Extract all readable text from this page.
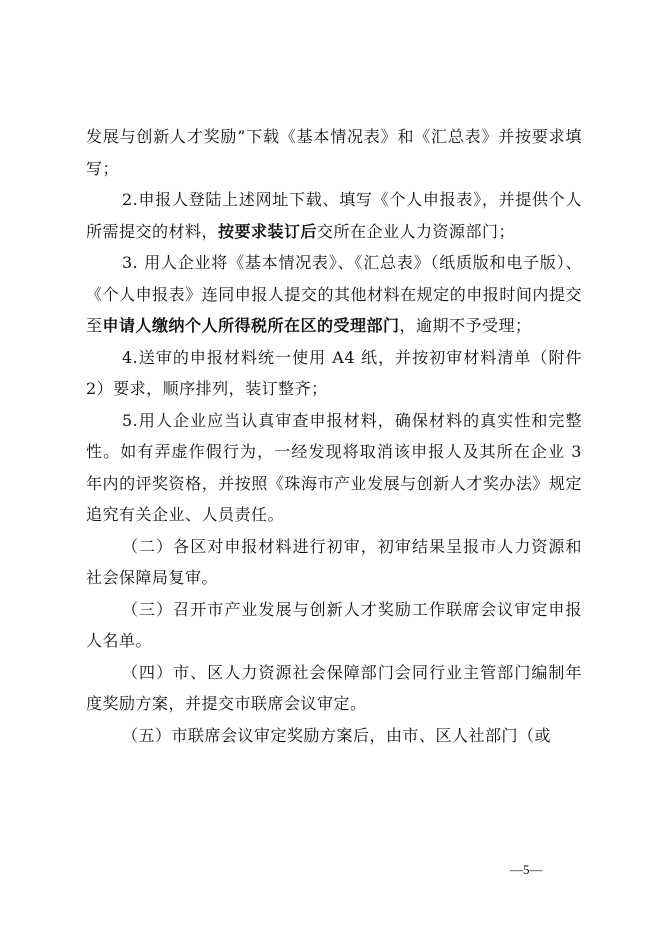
发展与创新人才奖励”下载《基本情况表》和《汇总表》并按要求填写；

2.申报人登陆上述网址下载、填写《个人申报表》，并提供个人所需提交的材料，按要求装订后交所在企业人力资源部门；

3. 用人企业将《基本情况表》、《汇总表》（纸质版和电子版）、《个人申报表》连同申报人提交的其他材料在规定的申报时间内提交至申请人缴纳个人所得税所在区的受理部门，逾期不予受理；

4.送审的申报材料统一使用 A4 纸，并按初审材料清单（附件 2）要求，顺序排列，装订整齐；

5.用人企业应当认真审查申报材料，确保材料的真实性和完整性。如有弄虚作假行为，一经发现将取消该申报人及其所在企业 3 年内的评奖资格，并按照《珠海市产业发展与创新人才奖办法》规定追究有关企业、人员责任。

（二）各区对申报材料进行初审，初审结果呈报市人力资源和社会保障局复审。

（三）召开市产业发展与创新人才奖励工作联席会议审定申报人名单。

（四）市、区人力资源社会保障部门会同行业主管部门编制年度奖励方案，并提交市联席会议审定。

（五）市联席会议审定奖励方案后，由市、区人社部门（或

—5—
